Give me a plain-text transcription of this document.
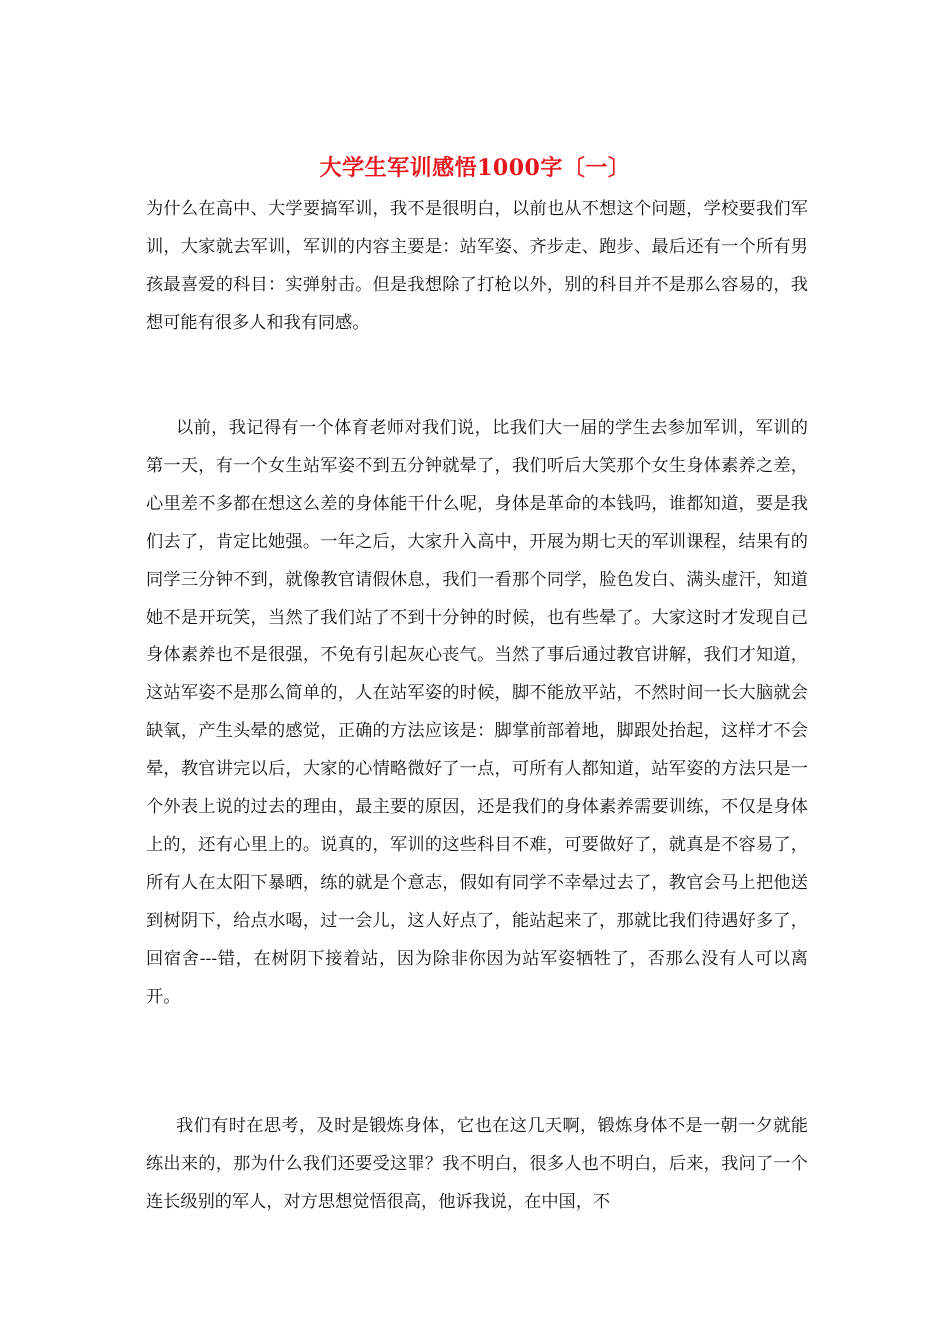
大学生军训感悟1000字〔一〕
为什么在高中、大学要搞军训，我不是很明白，以前也从不想这个问题，学校要我们军训，大家就去军训，军训的内容主要是：站军姿、齐步走、跑步、最后还有一个所有男孩最喜爱的科目：实弹射击。但是我想除了打枪以外，别的科目并不是那么容易的，我想可能有很多人和我有同感。
以前，我记得有一个体育老师对我们说，比我们大一届的学生去参加军训，军训的第一天，有一个女生站军姿不到五分钟就晕了，我们听后大笑那个女生身体素养之差，心里差不多都在想这么差的身体能干什么呢，身体是革命的本钱吗，谁都知道，要是我们去了，肯定比她强。一年之后，大家升入高中，开展为期七天的军训课程，结果有的同学三分钟不到，就像教官请假休息，我们一看那个同学，脸色发白、满头虚汗，知道她不是开玩笑，当然了我们站了不到十分钟的时候，也有些晕了。大家这时才发现自己身体素养也不是很强，不免有引起灰心丧气。当然了事后通过教官讲解，我们才知道，这站军姿不是那么简单的，人在站军姿的时候，脚不能放平站，不然时间一长大脑就会缺氧，产生头晕的感觉，正确的方法应该是：脚掌前部着地，脚跟处抬起，这样才不会晕，教官讲完以后，大家的心情略微好了一点，可所有人都知道，站军姿的方法只是一个外表上说的过去的理由，最主要的原因，还是我们的身体素养需要训练，不仅是身体上的，还有心里上的。说真的，军训的这些科目不难，可要做好了，就真是不容易了，所有人在太阳下暴晒，练的就是个意志，假如有同学不幸晕过去了，教官会马上把他送到树阴下，给点水喝，过一会儿，这人好点了，能站起来了，那就比我们待遇好多了，回宿舍---错，在树阴下接着站，因为除非你因为站军姿牺牲了，否那么没有人可以离开。
我们有时在思考，及时是锻炼身体，它也在这几天啊，锻炼身体不是一朝一夕就能练出来的，那为什么我们还要受这罪？我不明白，很多人也不明白，后来，我问了一个连长级别的军人，对方思想觉悟很高，他诉我说，在中国，不
